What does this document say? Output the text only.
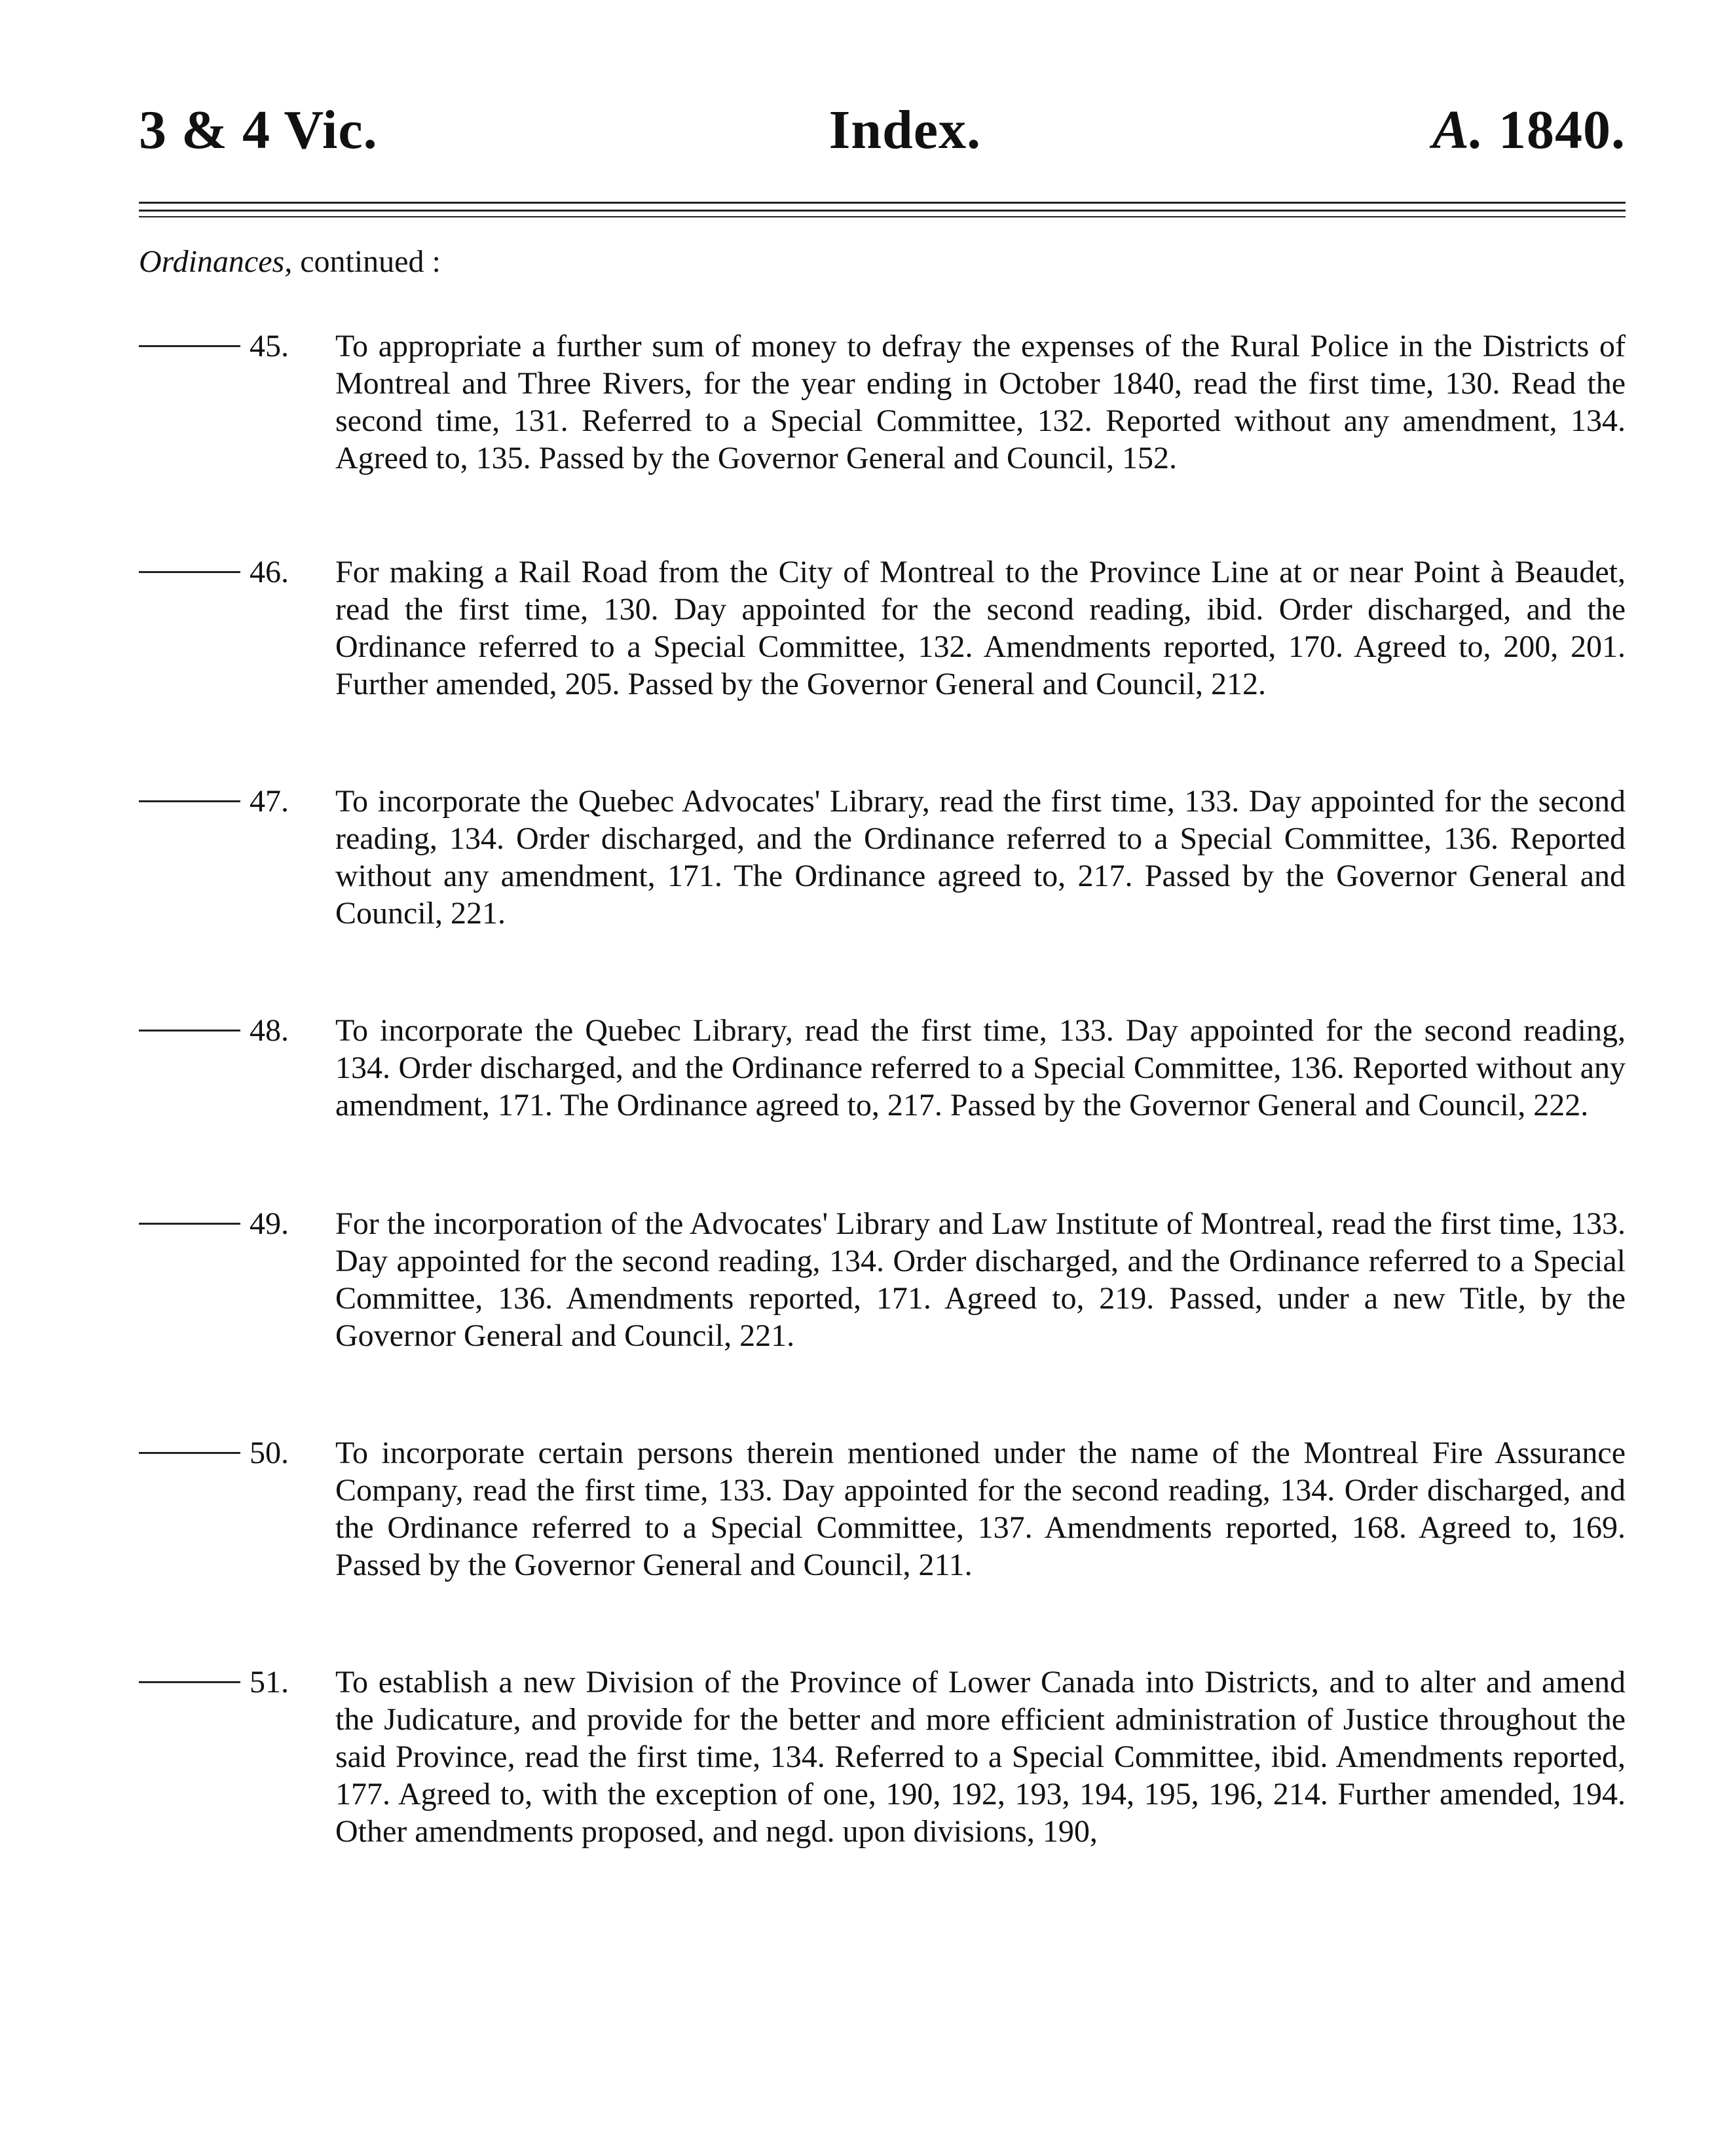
3 & 4 Vic.	Index.	A. 1840.
Ordinances, continued :
45.	To appropriate a further sum of money to defray the expenses of the Rural Police in the Districts of Montreal and Three Rivers, for the year ending in October 1840, read the first time, 130. Read the second time, 131. Referred to a Special Committee, 132. Reported without any amendment, 134. Agreed to, 135. Passed by the Governor General and Council, 152.
46.	For making a Rail Road from the City of Montreal to the Province Line at or near Point à Beaudet, read the first time, 130. Day appointed for the second reading, ibid. Order discharged, and the Ordinance referred to a Special Committee, 132. Amendments reported, 170. Agreed to, 200, 201. Further amended, 205. Passed by the Governor General and Council, 212.
47.	To incorporate the Quebec Advocates' Library, read the first time, 133. Day appointed for the second reading, 134. Order discharged, and the Ordinance referred to a Special Committee, 136. Reported without any amendment, 171. The Ordinance agreed to, 217. Passed by the Governor General and Council, 221.
48.	To incorporate the Quebec Library, read the first time, 133. Day appointed for the second reading, 134. Order discharged, and the Ordinance referred to a Special Committee, 136. Reported without any amendment, 171. The Ordinance agreed to, 217. Passed by the Governor General and Council, 222.
49.	For the incorporation of the Advocates' Library and Law Institute of Montreal, read the first time, 133. Day appointed for the second reading, 134. Order discharged, and the Ordinance referred to a Special Committee, 136. Amendments reported, 171. Agreed to, 219. Passed, under a new Title, by the Governor General and Council, 221.
50.	To incorporate certain persons therein mentioned under the name of the Montreal Fire Assurance Company, read the first time, 133. Day appointed for the second reading, 134. Order discharged, and the Ordinance referred to a Special Committee, 137. Amendments reported, 168. Agreed to, 169. Passed by the Governor General and Council, 211.
51.	To establish a new Division of the Province of Lower Canada into Districts, and to alter and amend the Judicature, and provide for the better and more efficient administration of Justice throughout the said Province, read the first time, 134. Referred to a Special Committee, ibid. Amendments reported, 177. Agreed to, with the exception of one, 190, 192, 193, 194, 195, 196, 214. Further amended, 194. Other amendments proposed, and negd. upon divisions, 190,
